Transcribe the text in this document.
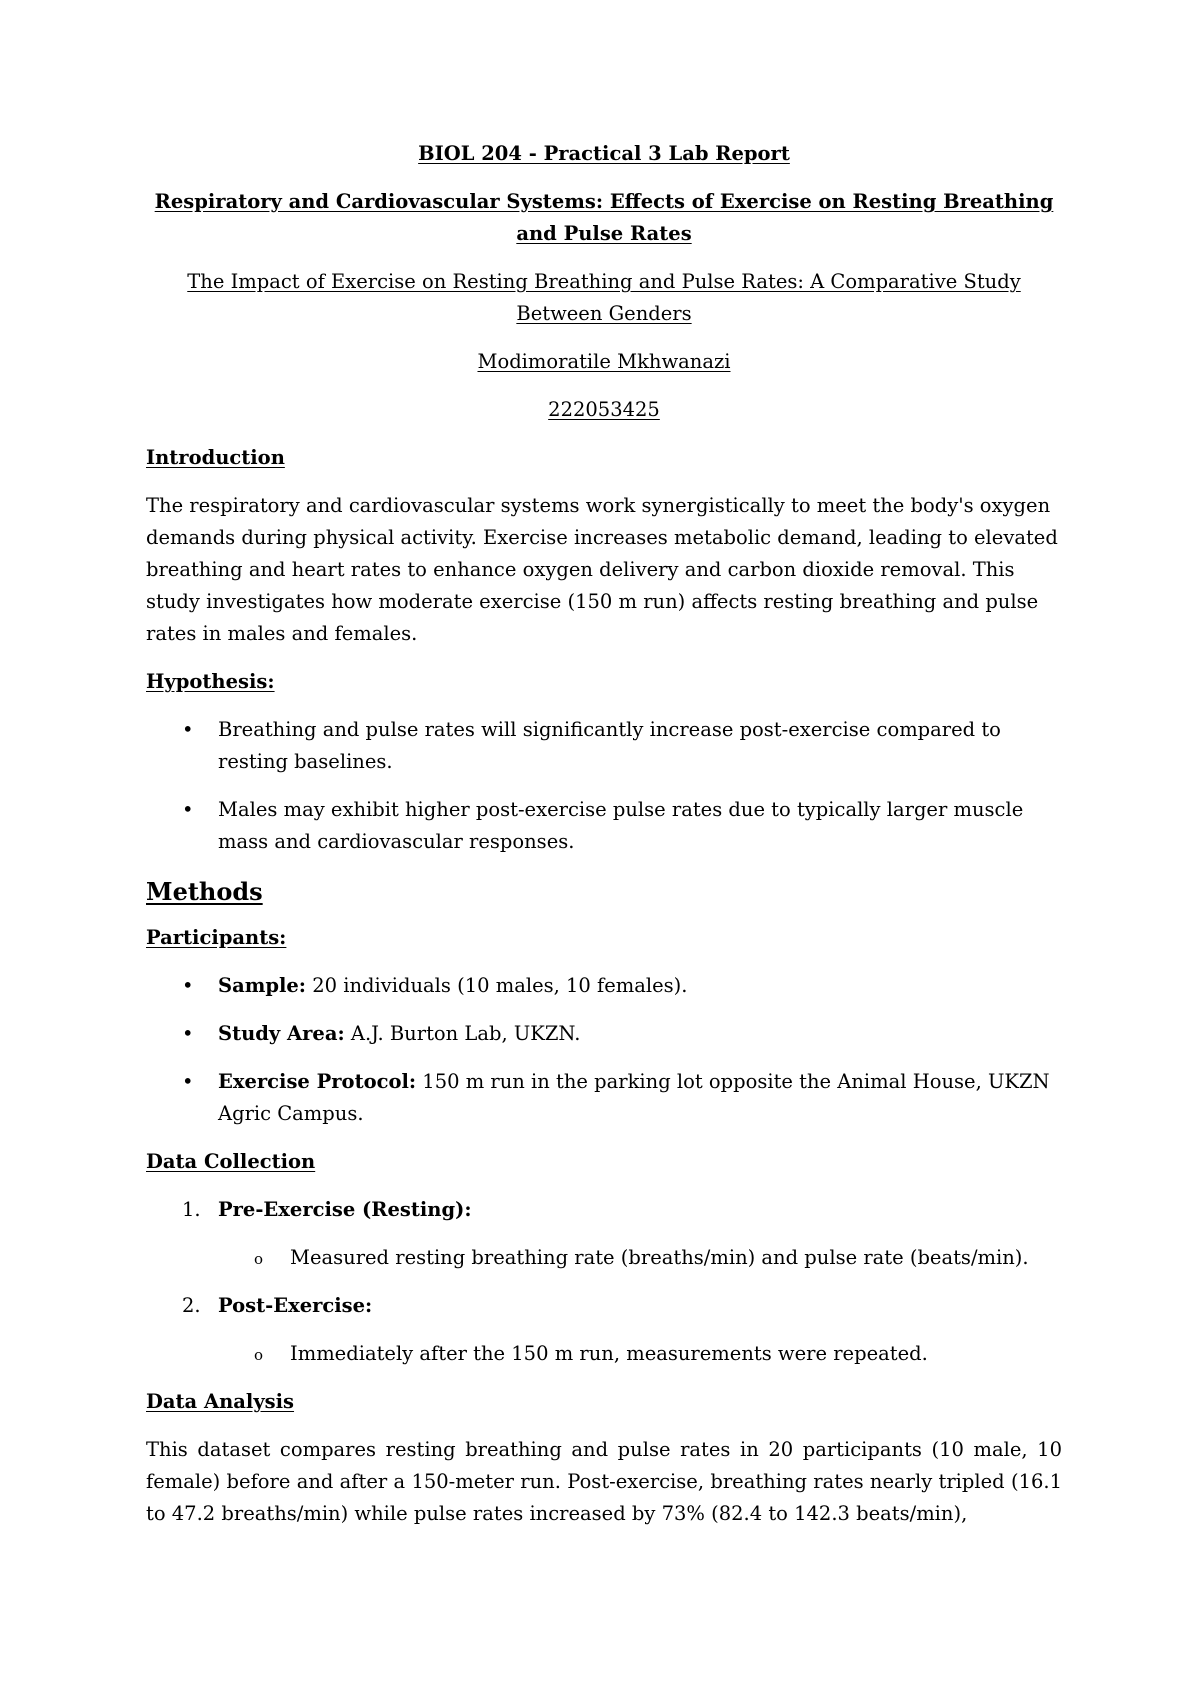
BIOL 204 - Practical 3 Lab Report

Respiratory and Cardiovascular Systems: Effects of Exercise on Resting Breathing and Pulse Rates

The Impact of Exercise on Resting Breathing and Pulse Rates: A Comparative Study Between Genders

Modimoratile Mkhwanazi

222053425

Introduction

The respiratory and cardiovascular systems work synergistically to meet the body's oxygen demands during physical activity. Exercise increases metabolic demand, leading to elevated breathing and heart rates to enhance oxygen delivery and carbon dioxide removal. This study investigates how moderate exercise (150 m run) affects resting breathing and pulse rates in males and females.

Hypothesis:

• Breathing and pulse rates will significantly increase post-exercise compared to resting baselines.
• Males may exhibit higher post-exercise pulse rates due to typically larger muscle mass and cardiovascular responses.

Methods

Participants:

• Sample: 20 individuals (10 males, 10 females).
• Study Area: A.J. Burton Lab, UKZN.
• Exercise Protocol: 150 m run in the parking lot opposite the Animal House, UKZN Agric Campus.

Data Collection

1. Pre-Exercise (Resting):
o Measured resting breathing rate (breaths/min) and pulse rate (beats/min).
2. Post-Exercise:
o Immediately after the 150 m run, measurements were repeated.

Data Analysis

This dataset compares resting breathing and pulse rates in 20 participants (10 male, 10 female) before and after a 150-meter run. Post-exercise, breathing rates nearly tripled (16.1 to 47.2 breaths/min) while pulse rates increased by 73% (82.4 to 142.3 beats/min),
